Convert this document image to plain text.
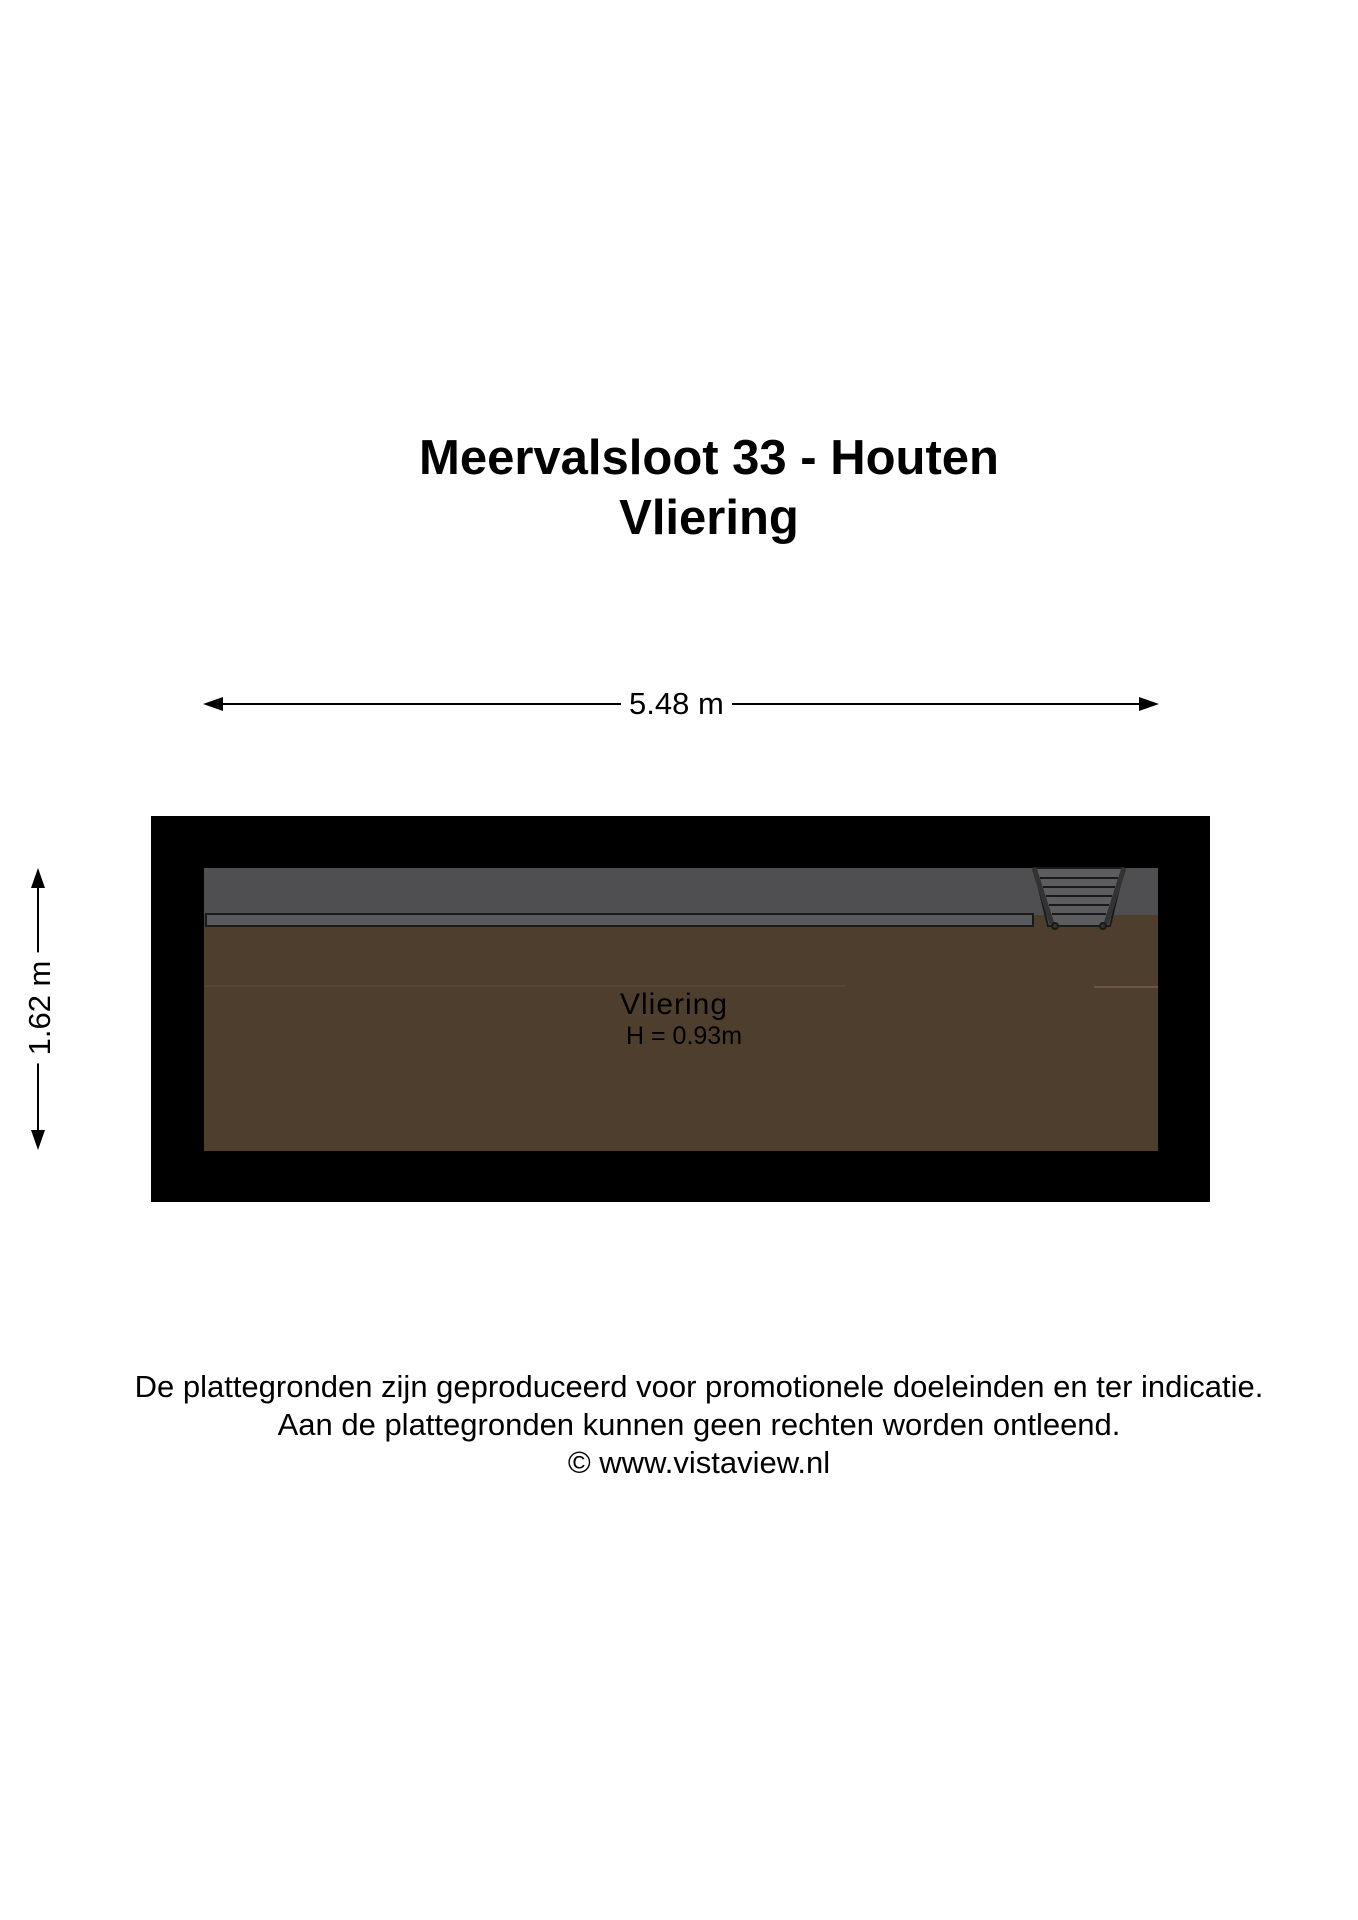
Meervalsloot 33 - Houten
Vliering
5.48 m
1.62 m	Vliering
H = 0.93m
De plattegronden zijn geproduceerd voor promotionele doeleinden en ter indicatie.
Aan de plattegronden kunnen geen rechten worden ontleend.
© www.vistaview.nl
